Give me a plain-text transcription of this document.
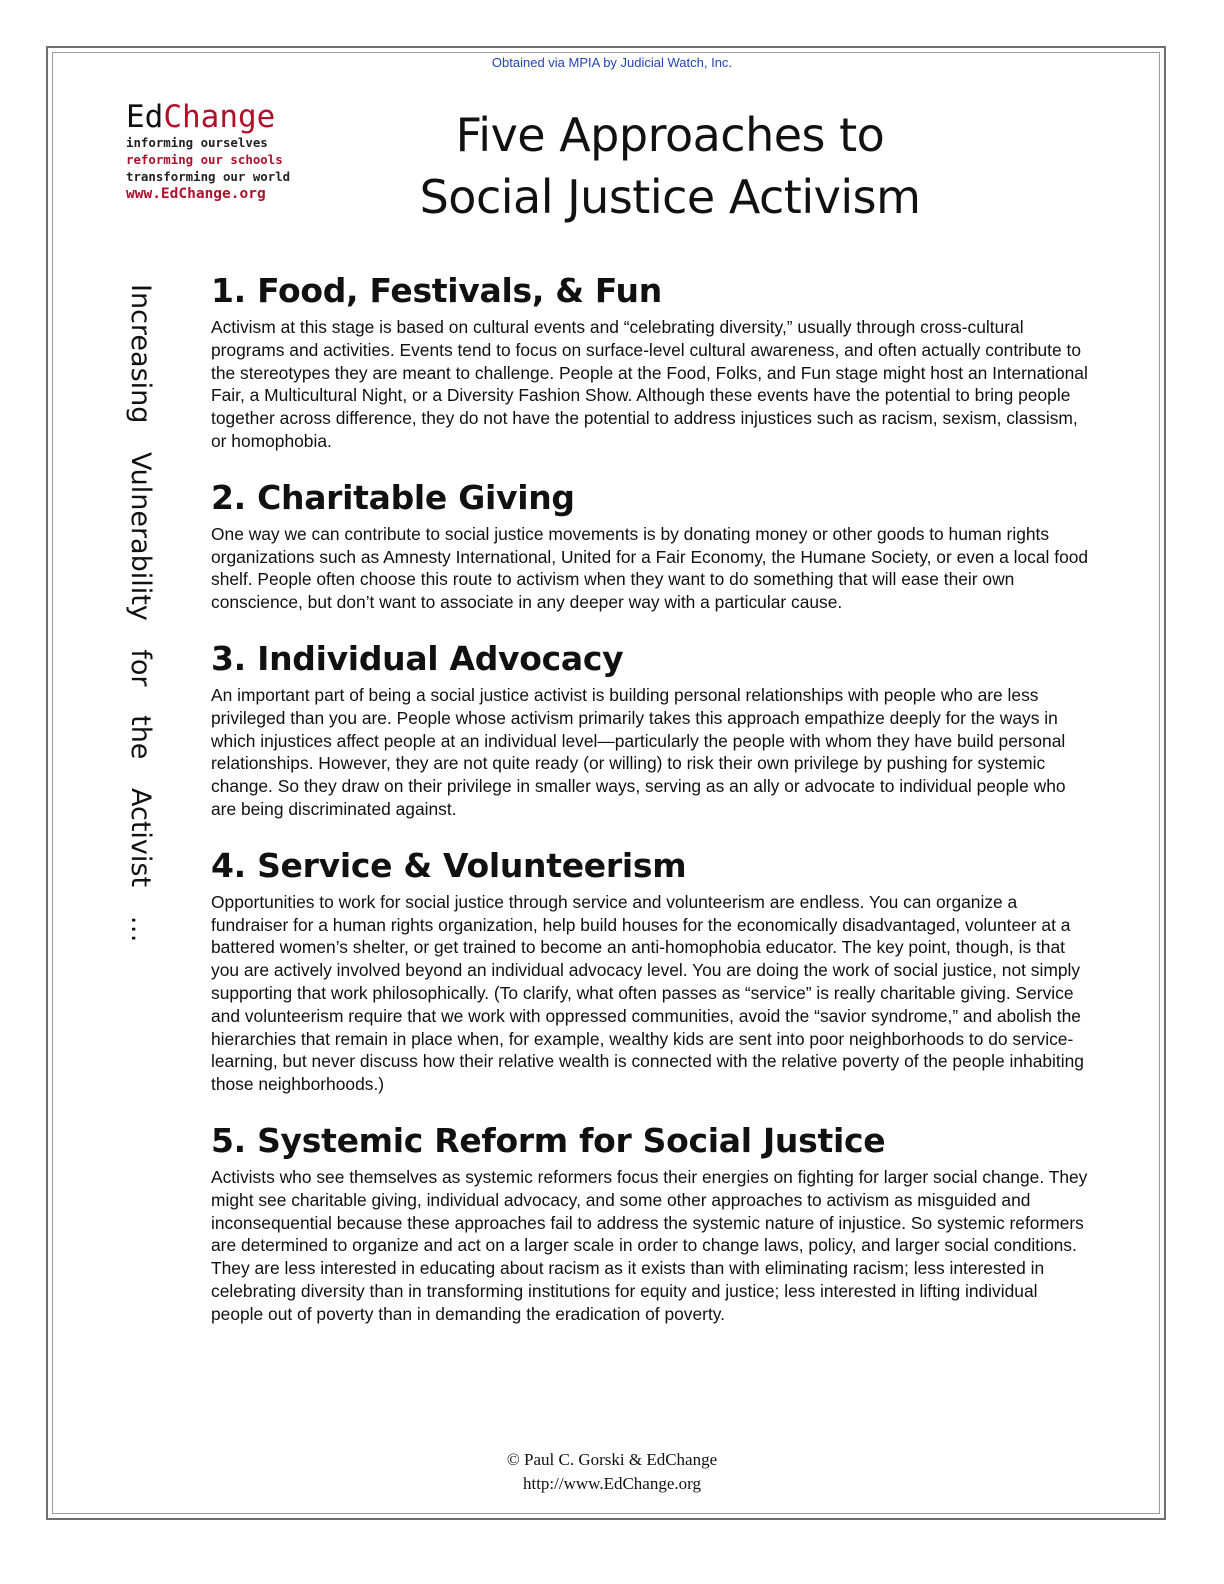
Obtained via MPIA by Judicial Watch, Inc.
EdChange
informing ourselves
reforming our schools
transforming our world
www.EdChange.org
Five Approaches to
Social Justice Activism
Increasing Vulnerability for the Activist … 1. Food, Festivals, & Fun

Activism at this stage is based on cultural events and “celebrating diversity,” usually through cross-cultural programs and activities. Events tend to focus on surface-level cultural awareness, and often actually contribute to the stereotypes they are meant to challenge. People at the Food, Folks, and Fun stage might host an International Fair, a Multicultural Night, or a Diversity Fashion Show. Although these events have the potential to bring people together across difference, they do not have the potential to address injustices such as racism, sexism, classism, or homophobia.

2. Charitable Giving

One way we can contribute to social justice movements is by donating money or other goods to human rights organizations such as Amnesty International, United for a Fair Economy, the Humane Society, or even a local food shelf. People often choose this route to activism when they want to do something that will ease their own conscience, but don’t want to associate in any deeper way with a particular cause.

3. Individual Advocacy

An important part of being a social justice activist is building personal relationships with people who are less privileged than you are. People whose activism primarily takes this approach empathize deeply for the ways in which injustices affect people at an individual level—particularly the people with whom they have build personal relationships. However, they are not quite ready (or willing) to risk their own privilege by pushing for systemic change. So they draw on their privilege in smaller ways, serving as an ally or advocate to individual people who are being discriminated against.

4. Service & Volunteerism

Opportunities to work for social justice through service and volunteerism are endless. You can organize a fundraiser for a human rights organization, help build houses for the economically disadvantaged, volunteer at a battered women’s shelter, or get trained to become an anti-homophobia educator. The key point, though, is that you are actively involved beyond an individual advocacy level. You are doing the work of social justice, not simply supporting that work philosophically. (To clarify, what often passes as “service” is really charitable giving. Service and volunteerism require that we work with oppressed communities, avoid the “savior syndrome,” and abolish the hierarchies that remain in place when, for example, wealthy kids are sent into poor neighborhoods to do service-learning, but never discuss how their relative wealth is connected with the relative poverty of the people inhabiting those neighborhoods.)

5. Systemic Reform for Social Justice

Activists who see themselves as systemic reformers focus their energies on fighting for larger social change. They might see charitable giving, individual advocacy, and some other approaches to activism as misguided and inconsequential because these approaches fail to address the systemic nature of injustice. So systemic reformers are determined to organize and act on a larger scale in order to change laws, policy, and larger social conditions. They are less interested in educating about racism as it exists than with eliminating racism; less interested in celebrating diversity than in transforming institutions for equity and justice; less interested in lifting individual people out of poverty than in demanding the eradication of poverty.

© Paul C. Gorski & EdChange
http://www.EdChange.org
